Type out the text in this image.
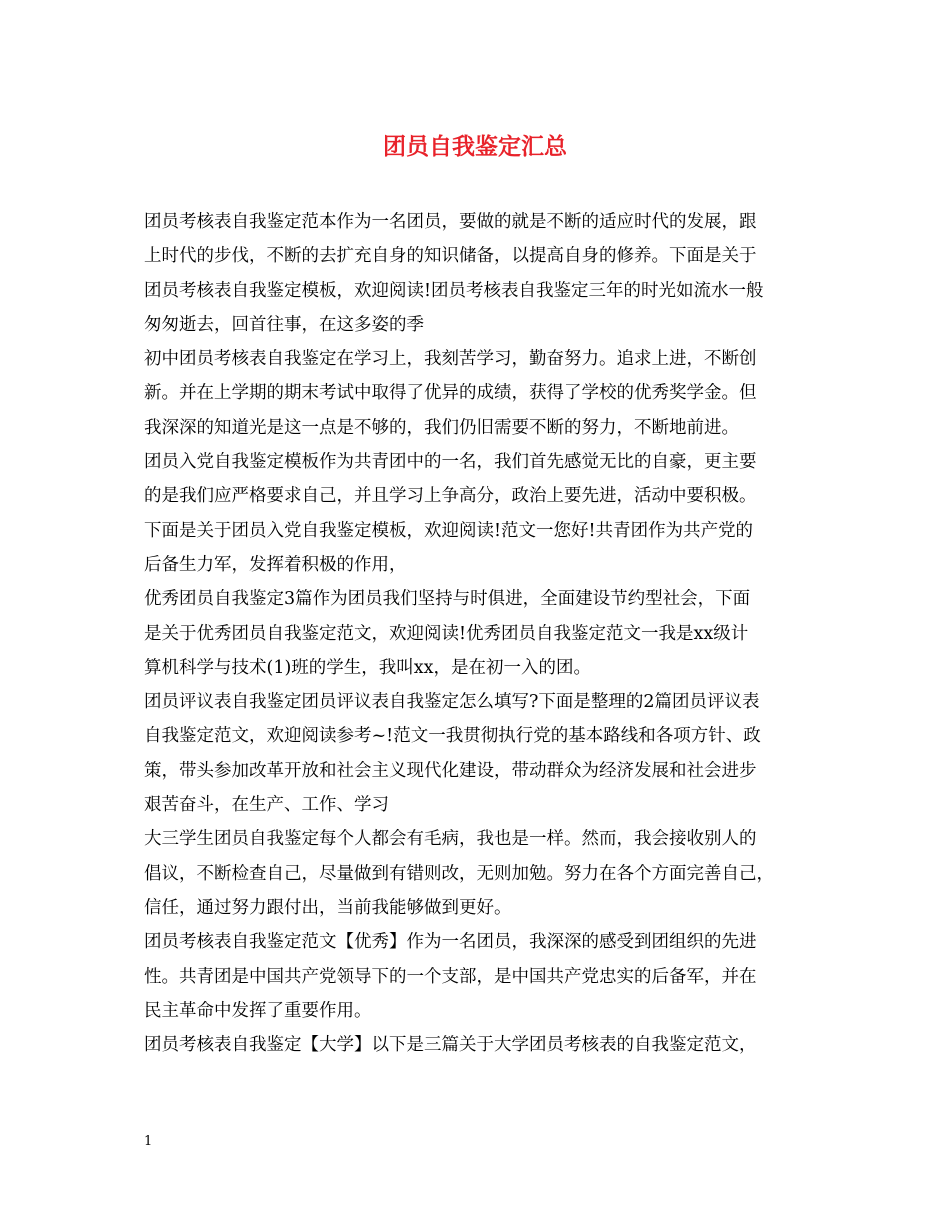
团员自我鉴定汇总
团员考核表自我鉴定范本作为一名团员，要做的就是不断的适应时代的发展，跟
上时代的步伐，不断的去扩充自身的知识储备，以提高自身的修养。下面是关于
团员考核表自我鉴定模板，欢迎阅读!团员考核表自我鉴定三年的时光如流水一般
匆匆逝去，回首往事，在这多姿的季
初中团员考核表自我鉴定在学习上，我刻苦学习，勤奋努力。追求上进，不断创
新。并在上学期的期末考试中取得了优异的成绩，获得了学校的优秀奖学金。但
我深深的知道光是这一点是不够的，我们仍旧需要不断的努力，不断地前进。
团员入党自我鉴定模板作为共青团中的一名，我们首先感觉无比的自豪，更主要
的是我们应严格要求自己，并且学习上争高分，政治上要先进，活动中要积极。
下面是关于团员入党自我鉴定模板，欢迎阅读!范文一您好!共青团作为共产党的
后备生力军，发挥着积极的作用，
优秀团员自我鉴定3篇作为团员我们坚持与时俱进，全面建设节约型社会，下面
是关于优秀团员自我鉴定范文，欢迎阅读!优秀团员自我鉴定范文一我是xx级计
算机科学与技术(1)班的学生，我叫xx，是在初一入的团。
团员评议表自我鉴定团员评议表自我鉴定怎么填写?下面是整理的2篇团员评议表
自我鉴定范文，欢迎阅读参考~!范文一我贯彻执行党的基本路线和各项方针、政
策，带头参加改革开放和社会主义现代化建设，带动群众为经济发展和社会进步
艰苦奋斗，在生产、工作、学习
大三学生团员自我鉴定每个人都会有毛病，我也是一样。然而，我会接收别人的
倡议，不断检查自己，尽量做到有错则改，无则加勉。努力在各个方面完善自己，
信任，通过努力跟付出，当前我能够做到更好。
团员考核表自我鉴定范文【优秀】作为一名团员，我深深的感受到团组织的先进
性。共青团是中国共产党领导下的一个支部，是中国共产党忠实的后备军，并在
民主革命中发挥了重要作用。
团员考核表自我鉴定【大学】以下是三篇关于大学团员考核表的自我鉴定范文，
1
